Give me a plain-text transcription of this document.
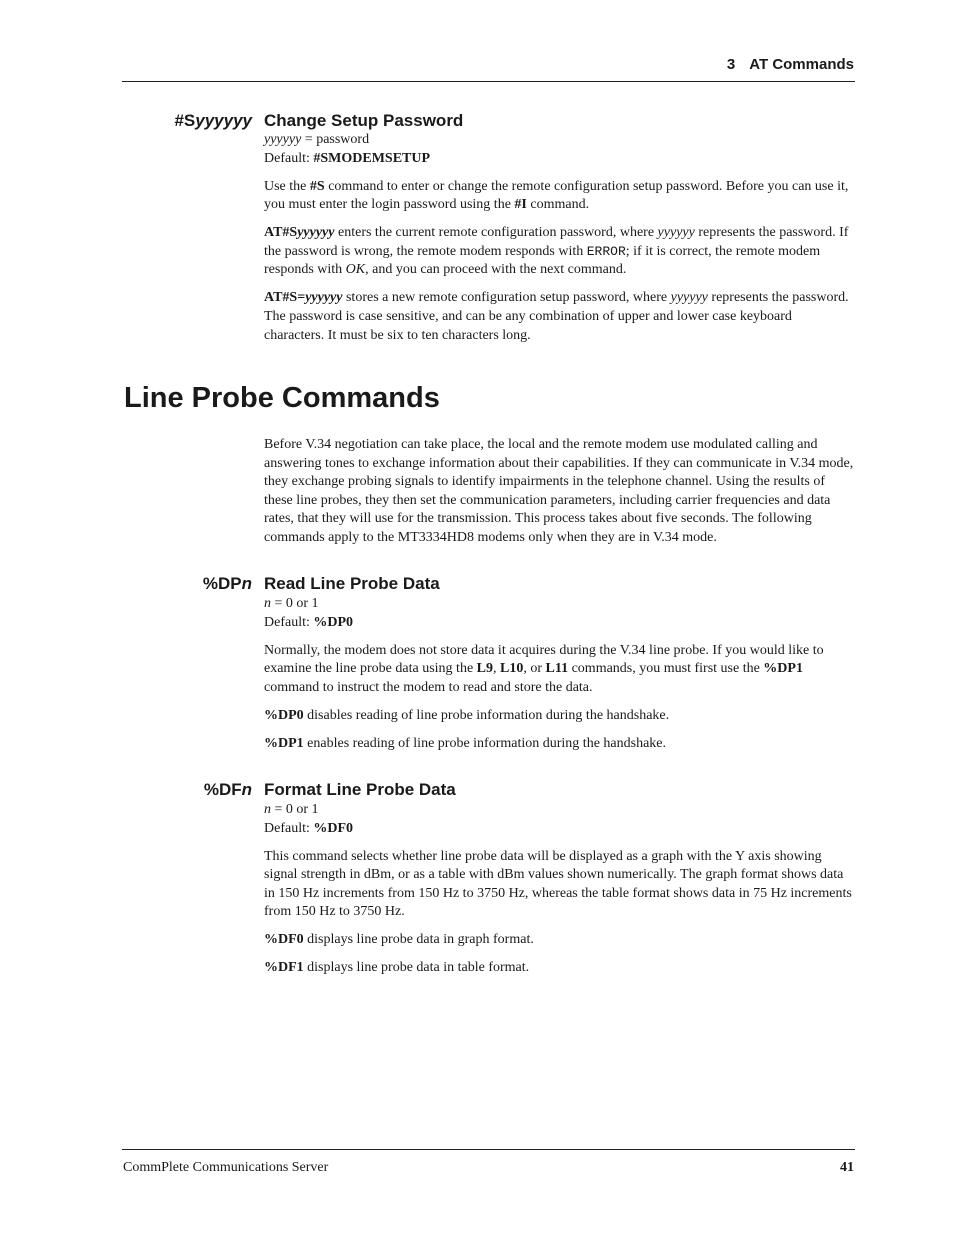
3 AT Commands
#Syyyyyy Change Setup Password

yyyyyy = password

Default: #SMODEMSETUP

Use the #S command to enter or change the remote configuration setup password. Before you can use it, you must enter the login password using the #I command.

AT#Syyyyyy enters the current remote configuration password, where yyyyyy represents the password. If the password is wrong, the remote modem responds with ERROR; if it is correct, the remote modem responds with OK, and you can proceed with the next command.

AT#S=yyyyyy stores a new remote configuration setup password, where yyyyyy represents the password. The password is case sensitive, and can be any combination of upper and lower case keyboard characters. It must be six to ten characters long.

Line Probe Commands

Before V.34 negotiation can take place, the local and the remote modem use modulated calling and answering tones to exchange information about their capabilities. If they can communicate in V.34 mode, they exchange probing signals to identify impairments in the telephone channel. Using the results of these line probes, they then set the communication parameters, including carrier frequencies and data rates, that they will use for the transmission. This process takes about five seconds. The following commands apply to the MT3334HD8 modems only when they are in V.34 mode.

%DPn Read Line Probe Data

n = 0 or 1

Default: %DP0

Normally, the modem does not store data it acquires during the V.34 line probe. If you would like to examine the line probe data using the L9, L10, or L11 commands, you must first use the %DP1 command to instruct the modem to read and store the data.

%DP0 disables reading of line probe information during the handshake.

%DP1 enables reading of line probe information during the handshake.

%DFn Format Line Probe Data

n = 0 or 1

Default: %DF0

This command selects whether line probe data will be displayed as a graph with the Y axis showing signal strength in dBm, or as a table with dBm values shown numerically. The graph format shows data in 150 Hz increments from 150 Hz to 3750 Hz, whereas the table format shows data in 75 Hz increments from 150 Hz to 3750 Hz.

%DF0 displays line probe data in graph format.

%DF1 displays line probe data in table format.

CommPlete Communications Server	41
